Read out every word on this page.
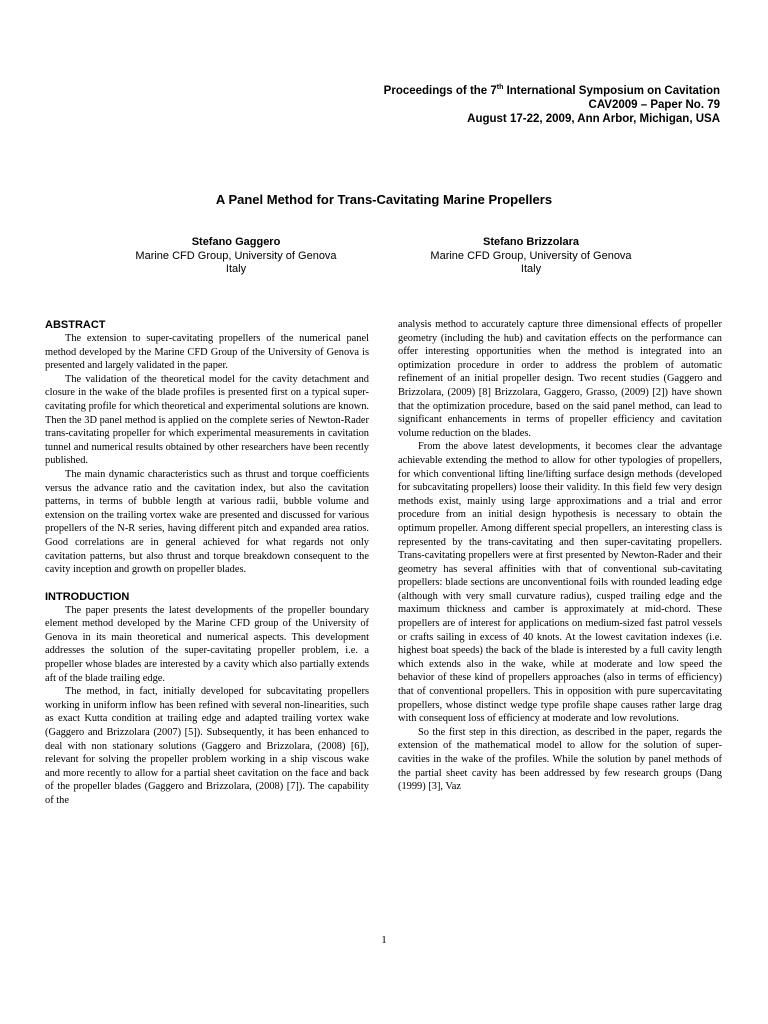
Proceedings of the 7th International Symposium on Cavitation
CAV2009 – Paper No. 79
August 17-22, 2009, Ann Arbor, Michigan, USA
A Panel Method for Trans-Cavitating Marine Propellers
Stefano Gaggero
Marine CFD Group, University of Genova
Italy
Stefano Brizzolara
Marine CFD Group, University of Genova
Italy
ABSTRACT

The extension to super-cavitating propellers of the numerical panel method developed by the Marine CFD Group of the University of Genova is presented and largely validated in the paper.

The validation of the theoretical model for the cavity detachment and closure in the wake of the blade profiles is presented first on a typical super-cavitating profile for which theoretical and experimental solutions are known. Then the 3D panel method is applied on the complete series of Newton-Rader trans-cavitating propeller for which experimental measurements in cavitation tunnel and numerical results obtained by other researchers have been recently published.

The main dynamic characteristics such as thrust and torque coefficients versus the advance ratio and the cavitation index, but also the cavitation patterns, in terms of bubble length at various radii, bubble volume and extension on the trailing vortex wake are presented and discussed for various propellers of the N-R series, having different pitch and expanded area ratios. Good correlations are in general achieved for what regards not only cavitation patterns, but also thrust and torque breakdown consequent to the cavity inception and growth on propeller blades.

INTRODUCTION

The paper presents the latest developments of the propeller boundary element method developed by the Marine CFD group of the University of Genova in its main theoretical and numerical aspects. This development addresses the solution of the super-cavitating propeller problem, i.e. a propeller whose blades are interested by a cavity which also partially extends aft of the blade trailing edge.

The method, in fact, initially developed for subcavitating propellers working in uniform inflow has been refined with several non-linearities, such as exact Kutta condition at trailing edge and adapted trailing vortex wake (Gaggero and Brizzolara (2007) [5]). Subsequently, it has been enhanced to deal with non stationary solutions (Gaggero and Brizzolara, (2008) [6]), relevant for solving the propeller problem working in a ship viscous wake and more recently to allow for a partial sheet cavitation on the face and back of the propeller blades (Gaggero and Brizzolara, (2008) [7]). The capability of the

analysis method to accurately capture three dimensional effects of propeller geometry (including the hub) and cavitation effects on the performance can offer interesting opportunities when the method is integrated into an optimization procedure in order to address the problem of automatic refinement of an initial propeller design. Two recent studies (Gaggero and Brizzolara, (2009) [8] Brizzolara, Gaggero, Grasso, (2009) [2]) have shown that the optimization procedure, based on the said panel method, can lead to significant enhancements in terms of propeller efficiency and cavitation volume reduction on the blades.

From the above latest developments, it becomes clear the advantage achievable extending the method to allow for other typologies of propellers, for which conventional lifting line/lifting surface design methods (developed for subcavitating propellers) loose their validity. In this field few very design methods exist, mainly using large approximations and a trial and error procedure from an initial design hypothesis is necessary to obtain the optimum propeller. Among different special propellers, an interesting class is represented by the trans-cavitating and then super-cavitating propellers. Trans-cavitating propellers were at first presented by Newton-Rader and their geometry has several affinities with that of conventional sub-cavitating propellers: blade sections are unconventional foils with rounded leading edge (although with very small curvature radius), cusped trailing edge and the maximum thickness and camber is approximately at mid-chord. These propellers are of interest for applications on medium-sized fast patrol vessels or crafts sailing in excess of 40 knots. At the lowest cavitation indexes (i.e. highest boat speeds) the back of the blade is interested by a full cavity length which extends also in the wake, while at moderate and low speed the behavior of these kind of propellers approaches (also in terms of efficiency) that of conventional propellers. This in opposition with pure supercavitating propellers, whose distinct wedge type profile shape causes rather large drag with consequent loss of efficiency at moderate and low revolutions.

So the first step in this direction, as described in the paper, regards the extension of the mathematical model to allow for the solution of super-cavities in the wake of the profiles. While the solution by panel methods of the partial sheet cavity has been addressed by few research groups (Dang (1999) [3], Vaz

1
